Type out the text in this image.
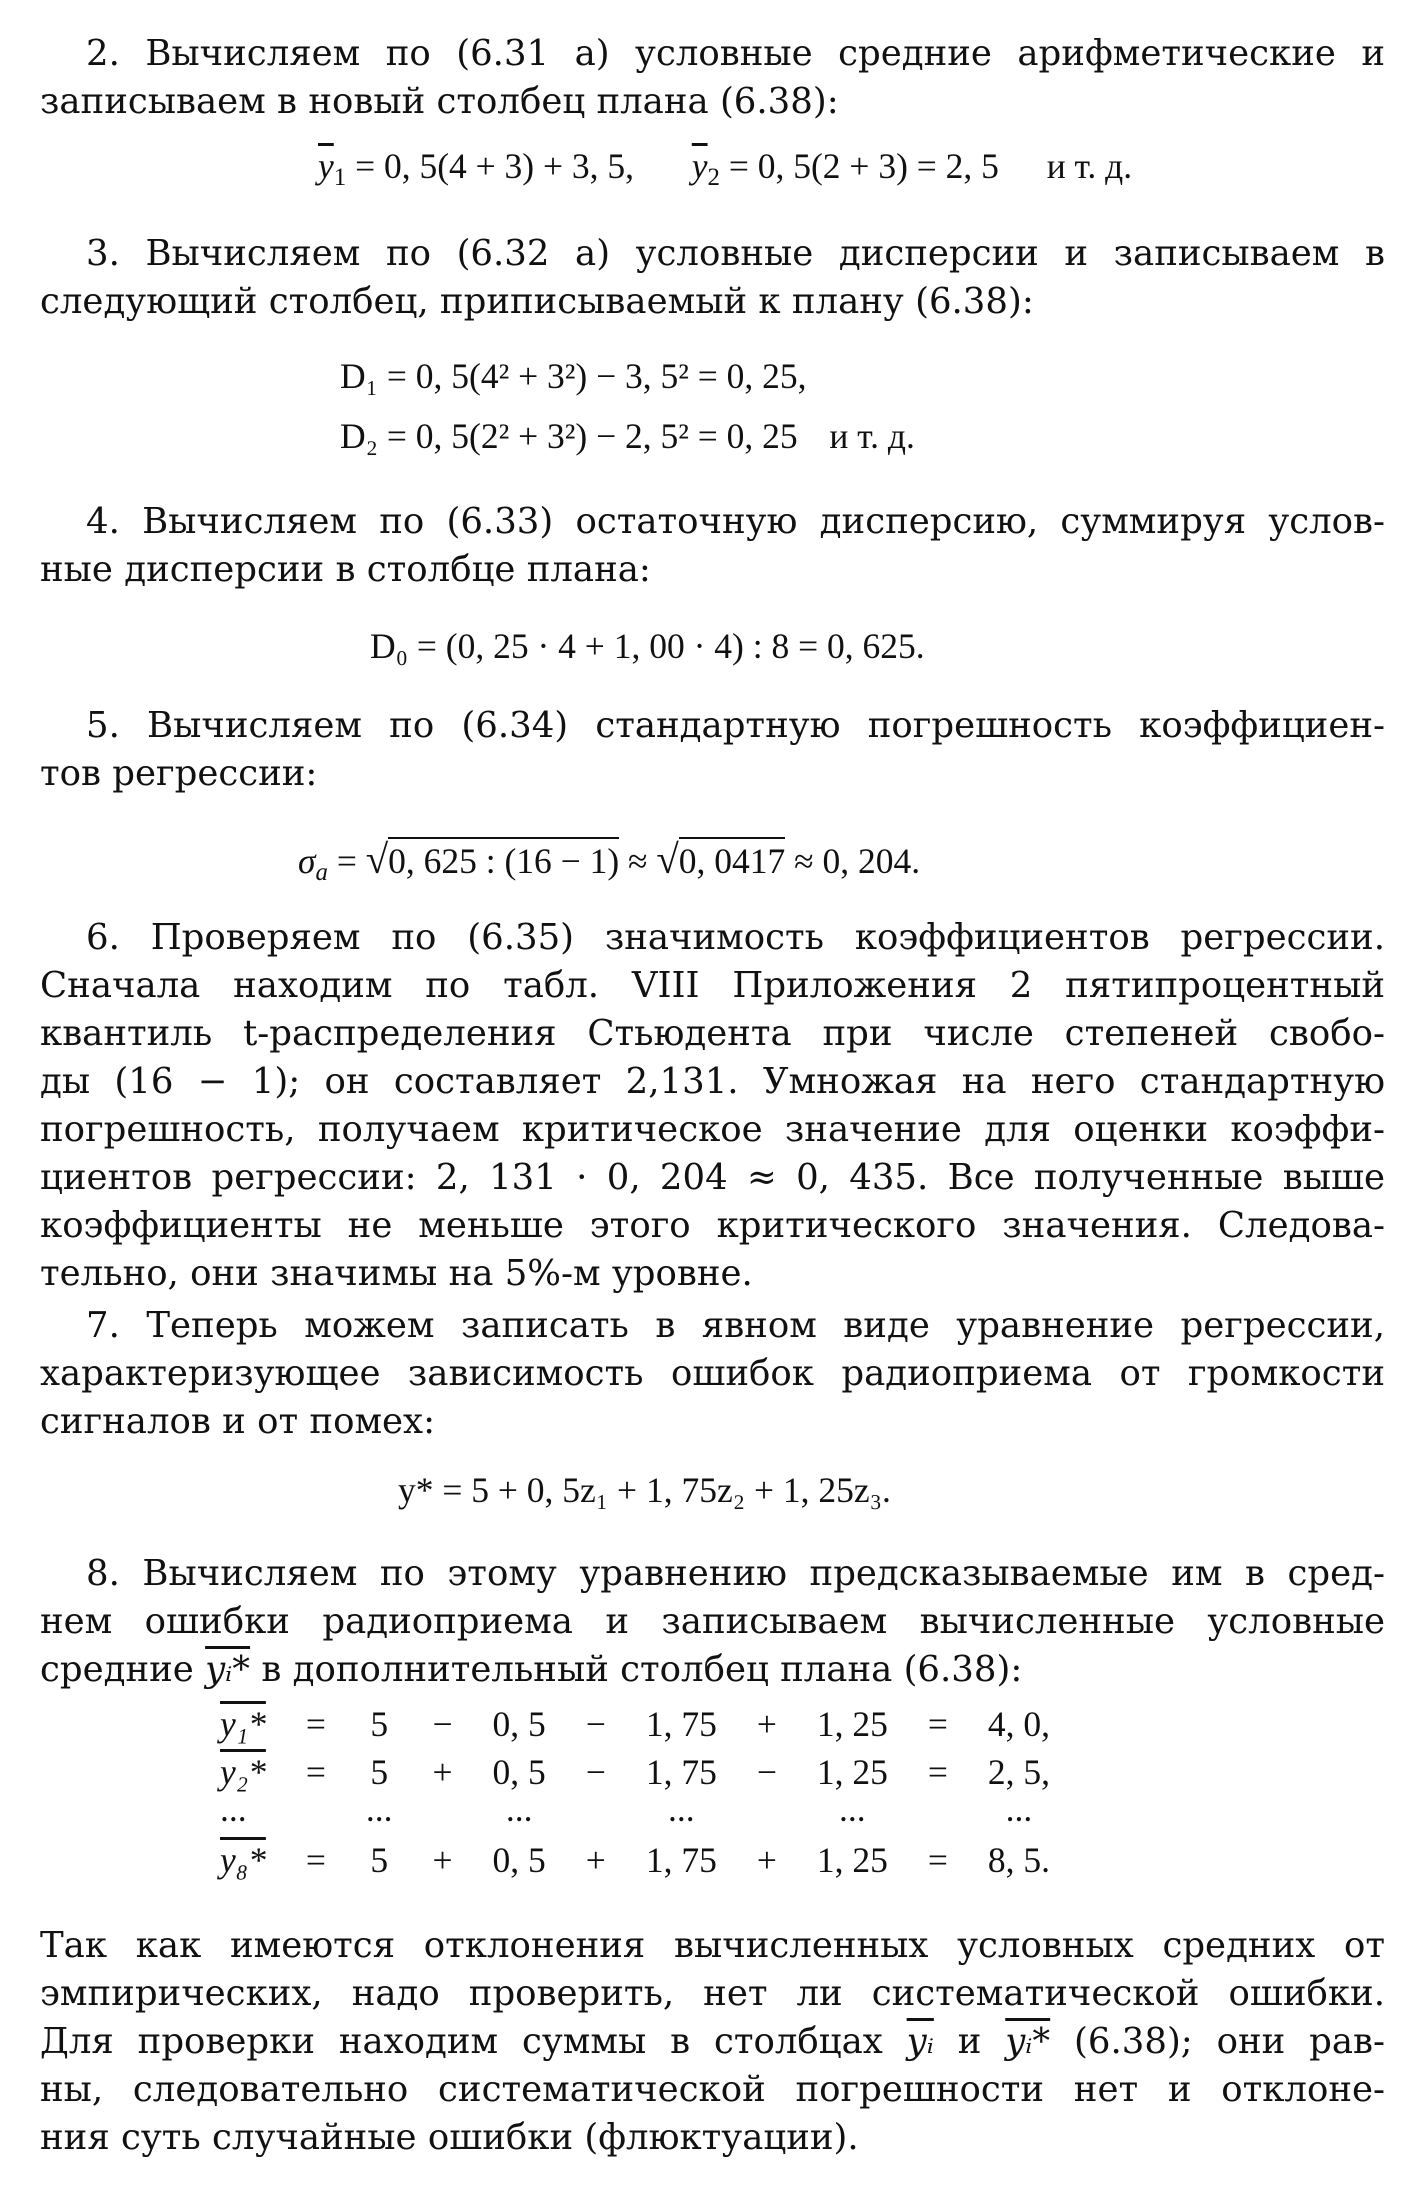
2. Вычисляем по (6.31 а) условные средние арифметические и
записываем в новый столбец плана (6.38):
$\overline{y}_1 = 0$, 5(4 + 3) + 3, 5, $\overline{y}_2 = 0$, 5(2 + 3) = 2, 5 и т. д.
3. Вычисляем по (6.32 а) условные дисперсии и записываем в
следующий столбец, приписываемый к плану (6.38):
D₁ = 0, 5(4² + 3²) − 3, 5² = 0, 25,
D₂ = 0, 5(2² + 3²) − 2, 5² = 0, 25 и т. д.
4. Вычисляем по (6.33) остаточную дисперсию, суммируя услов-
ные дисперсии в столбце плана:
D₀ = (0, 25 · 4 + 1, 00 · 4) : 8 = 0, 625.
5. Вычисляем по (6.34) стандартную погрешность коэффициен-
тов регрессии:
$\sigma_a = √0$, 625 : (16 − 1) ≈ √0, 0417 ≈ 0, 204.
6. Проверяем по (6.35) значимость коэффициентов регрессии.
Сначала находим по табл. VIII Приложения 2 пятипроцентный
квантиль t-распределения Стьюдента при числе степеней свобо-
ды (16 − 1); он составляет 2,131. Умножая на него стандартную
погрешность, получаем критическое значение для оценки коэффи-
циентов регрессии: 2, 131 · 0, 204 ≈ 0, 435. Все полученные выше
коэффициенты не меньше этого критического значения. Следова-
тельно, они значимы на 5%-м уровне.
7. Теперь можем записать в явном виде уравнение регрессии,
характеризующее зависимость ошибок радиоприема от громкости
сигналов и от помех:
y* = 5 + 0, 5z₁ + 1, 75z₂ + 1, 25z₃.
8. Вычисляем по этому уравнению предсказываемые им в сред-
нем ошибки радиоприема и записываем вычисленные условные
средние yᵢ* в дополнительный столбец плана (6.38):
y₁*	=	5	−	0, 5	−	1, 75	+	1, 25	=	4, 0,
y₂*	=	5	+	0, 5	−	1, 75	−	1, 25	=	2, 5,
...		...		...		...		...		...
y₈*	=	5	+	0, 5	+	1, 75	+	1, 25	=	8, 5.
Так как имеются отклонения вычисленных условных средних от
эмпирических, надо проверить, нет ли систематической ошибки.
Для проверки находим суммы в столбцах $\overline{yᵢ}$ и yᵢ* (6.38); они рав-
ны, следовательно систематической погрешности нет и отклоне-
ния суть случайные ошибки (флюктуации).
